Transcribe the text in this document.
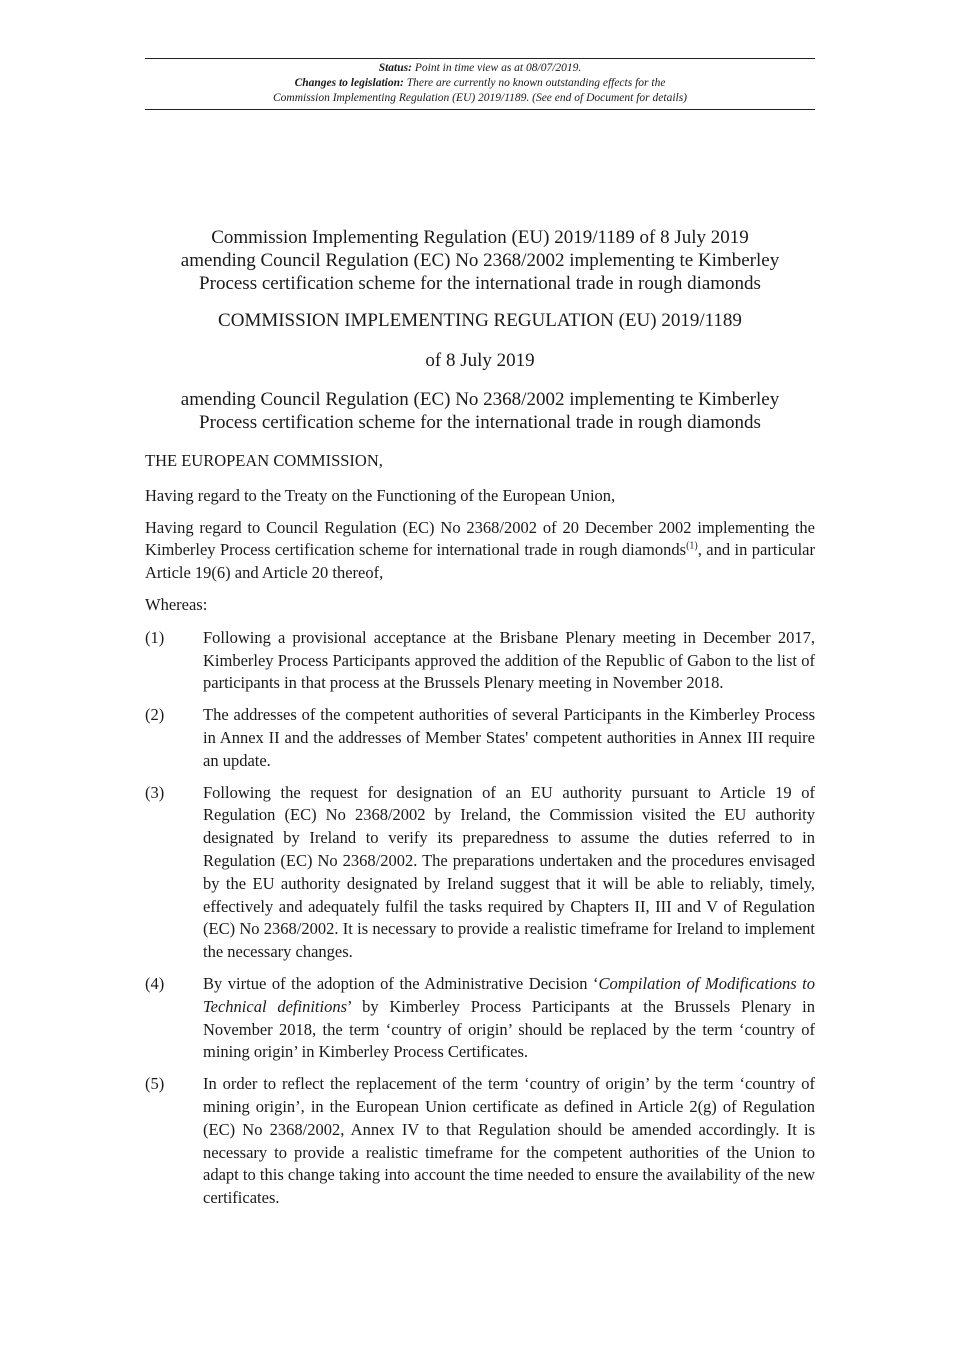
Status: Point in time view as at 08/07/2019.
Changes to legislation: There are currently no known outstanding effects for the
Commission Implementing Regulation (EU) 2019/1189. (See end of Document for details)
Commission Implementing Regulation (EU) 2019/1189 of 8 July 2019
amending Council Regulation (EC) No 2368/2002 implementing te Kimberley
Process certification scheme for the international trade in rough diamonds
COMMISSION IMPLEMENTING REGULATION (EU) 2019/1189
of 8 July 2019
amending Council Regulation (EC) No 2368/2002 implementing te Kimberley
Process certification scheme for the international trade in rough diamonds

THE EUROPEAN COMMISSION,

Having regard to the Treaty on the Functioning of the European Union,

Having regard to Council Regulation (EC) No 2368/2002 of 20 December 2002 implementing the Kimberley Process certification scheme for international trade in rough diamonds$^{(1)}$, and in particular Article 19(6) and Article 20 thereof,

Whereas:

(1)	Following a provisional acceptance at the Brisbane Plenary meeting in December 2017, Kimberley Process Participants approved the addition of the Republic of Gabon to the list of participants in that process at the Brussels Plenary meeting in November 2018.
(2)	The addresses of the competent authorities of several Participants in the Kimberley Process in Annex II and the addresses of Member States' competent authorities in Annex III require an update.
(3)	Following the request for designation of an EU authority pursuant to Article 19 of Regulation (EC) No 2368/2002 by Ireland, the Commission visited the EU authority designated by Ireland to verify its preparedness to assume the duties referred to in Regulation (EC) No 2368/2002. The preparations undertaken and the procedures envisaged by the EU authority designated by Ireland suggest that it will be able to reliably, timely, effectively and adequately fulfil the tasks required by Chapters II, III and V of Regulation (EC) No 2368/2002. It is necessary to provide a realistic timeframe for Ireland to implement the necessary changes.
(4)	By virtue of the adoption of the Administrative Decision ‘Compilation of Modifications to Technical definitions’ by Kimberley Process Participants at the Brussels Plenary in November 2018, the term ‘country of origin’ should be replaced by the term ‘country of mining origin’ in Kimberley Process Certificates.
(5)	In order to reflect the replacement of the term ‘country of origin’ by the term ‘country of mining origin’, in the European Union certificate as defined in Article 2(g) of Regulation (EC) No 2368/2002, Annex IV to that Regulation should be amended accordingly. It is necessary to provide a realistic timeframe for the competent authorities of the Union to adapt to this change taking into account the time needed to ensure the availability of the new certificates.
